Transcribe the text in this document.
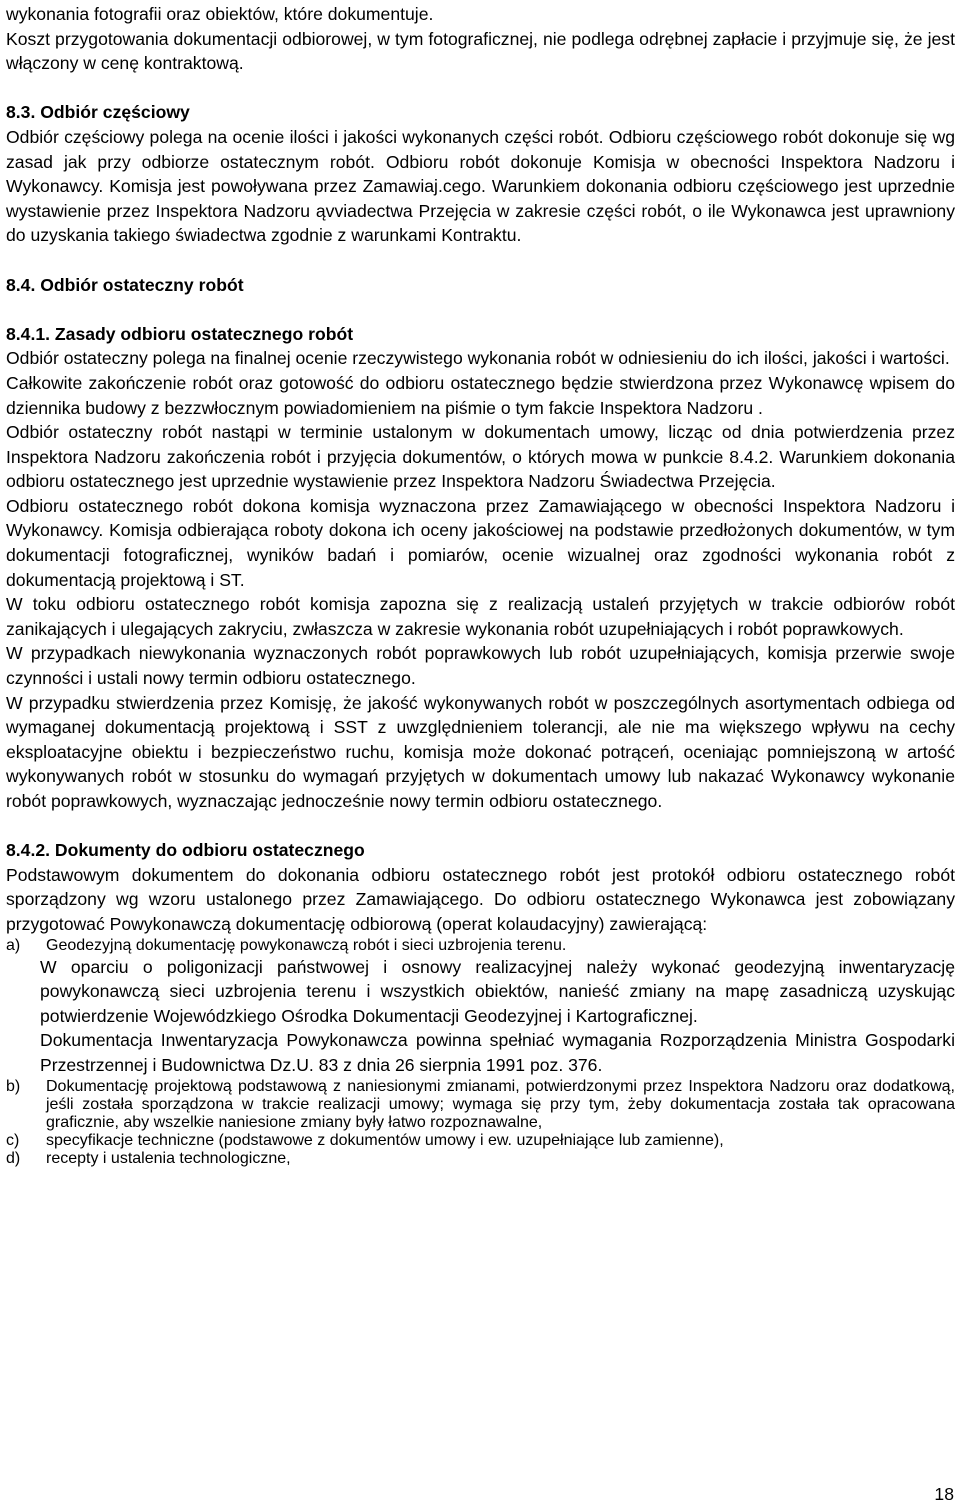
wykonania fotografii oraz obiektów, które dokumentuje.

Koszt przygotowania dokumentacji odbiorowej, w tym fotograficznej, nie podlega odrębnej zapłacie i przyjmuje się, że jest włączony w cenę kontraktową.

8.3. Odbiór częściowy

Odbiór częściowy polega na ocenie ilości i jakości wykonanych części robót. Odbioru częściowego robót dokonuje się wg zasad jak przy odbiorze ostatecznym robót. Odbioru robót dokonuje Komisja w obecności Inspektora Nadzoru i Wykonawcy. Komisja jest powoływana przez Zamawiaj.cego. Warunkiem dokonania odbioru częściowego jest uprzednie wystawienie przez Inspektora Nadzoru ąvviadectwa Przejęcia w zakresie części robót, o ile Wykonawca jest uprawniony do uzyskania takiego świadectwa zgodnie z warunkami Kontraktu.

8.4. Odbiór ostateczny robót
8.4.1. Zasady odbioru ostatecznego robót

Odbiór ostateczny polega na finalnej ocenie rzeczywistego wykonania robót w odniesieniu do ich ilości, jakości i wartości.

Całkowite zakończenie robót oraz gotowość do odbioru ostatecznego będzie stwierdzona przez Wykonawcę wpisem do dziennika budowy z bezzwłocznym powiadomieniem na piśmie o tym fakcie Inspektora Nadzoru .

Odbiór ostateczny robót nastąpi w terminie ustalonym w dokumentach umowy, licząc od dnia potwierdzenia przez Inspektora Nadzoru zakończenia robót i przyjęcia dokumentów, o których mowa w punkcie 8.4.2. Warunkiem dokonania odbioru ostatecznego jest uprzednie wystawienie przez Inspektora Nadzoru Świadectwa Przejęcia.

Odbioru ostatecznego robót dokona komisja wyznaczona przez Zamawiającego w obecności Inspektora Nadzoru i Wykonawcy. Komisja odbierająca roboty dokona ich oceny jakościowej na podstawie przedłożonych dokumentów, w tym dokumentacji fotograficznej, wyników badań i pomiarów, ocenie wizualnej oraz zgodności wykonania robót z dokumentacją projektową i ST.

W toku odbioru ostatecznego robót komisja zapozna się z realizacją ustaleń przyjętych w trakcie odbiorów robót zanikających i ulegających zakryciu, zwłaszcza w zakresie wykonania robót uzupełniających i robót poprawkowych.

W przypadkach niewykonania wyznaczonych robót poprawkowych lub robót uzupełniających, komisja przerwie swoje czynności i ustali nowy termin odbioru ostatecznego.

W przypadku stwierdzenia przez Komisję, że jakość wykonywanych robót w poszczególnych asortymentach odbiega od wymaganej dokumentacją projektową i SST z uwzględnieniem tolerancji, ale nie ma większego wpływu na cechy eksploatacyjne obiektu i bezpieczeństwo ruchu, komisja może dokonać potrąceń, oceniając pomniejszoną w artość wykonywanych robót w stosunku do wymagań przyjętych w dokumentach umowy lub nakazać Wykonawcy wykonanie robót poprawkowych, wyznaczając jednocześnie nowy termin odbioru ostatecznego.

8.4.2. Dokumenty do odbioru ostatecznego

Podstawowym dokumentem do dokonania odbioru ostatecznego robót jest protokół odbioru ostatecznego robót sporządzony wg wzoru ustalonego przez Zamawiającego. Do odbioru ostatecznego Wykonawca jest zobowiązany przygotować Powykonawczą dokumentację odbiorową (operat kolaudacyjny) zawierającą:

a)	Geodezyjną dokumentację powykonawczą robót i sieci uzbrojenia terenu.

W oparciu o poligonizacji państwowej i osnowy realizacyjnej należy wykonać geodezyjną inwentaryzację powykonawczą sieci uzbrojenia terenu i wszystkich obiektów, nanieść zmiany na mapę zasadniczą uzyskując potwierdzenie Wojewódzkiego Ośrodka Dokumentacji Geodezyjnej i Kartograficznej.

Dokumentacja Inwentaryzacja Powykonawcza powinna spełniać wymagania Rozporządzenia Ministra Gospodarki Przestrzennej i Budownictwa Dz.U. 83 z dnia 26 sierpnia 1991 poz. 376.

b)	Dokumentację projektową podstawową z naniesionymi zmianami, potwierdzonymi przez Inspektora Nadzoru oraz dodatkową, jeśli została sporządzona w trakcie realizacji umowy; wymaga się przy tym, żeby dokumentacja została tak opracowana graficznie, aby wszelkie naniesione zmiany były łatwo rozpoznawalne,
c)	specyfikacje techniczne (podstawowe z dokumentów umowy i ew. uzupełniające lub zamienne),
d)	recepty i ustalenia technologiczne,
18
